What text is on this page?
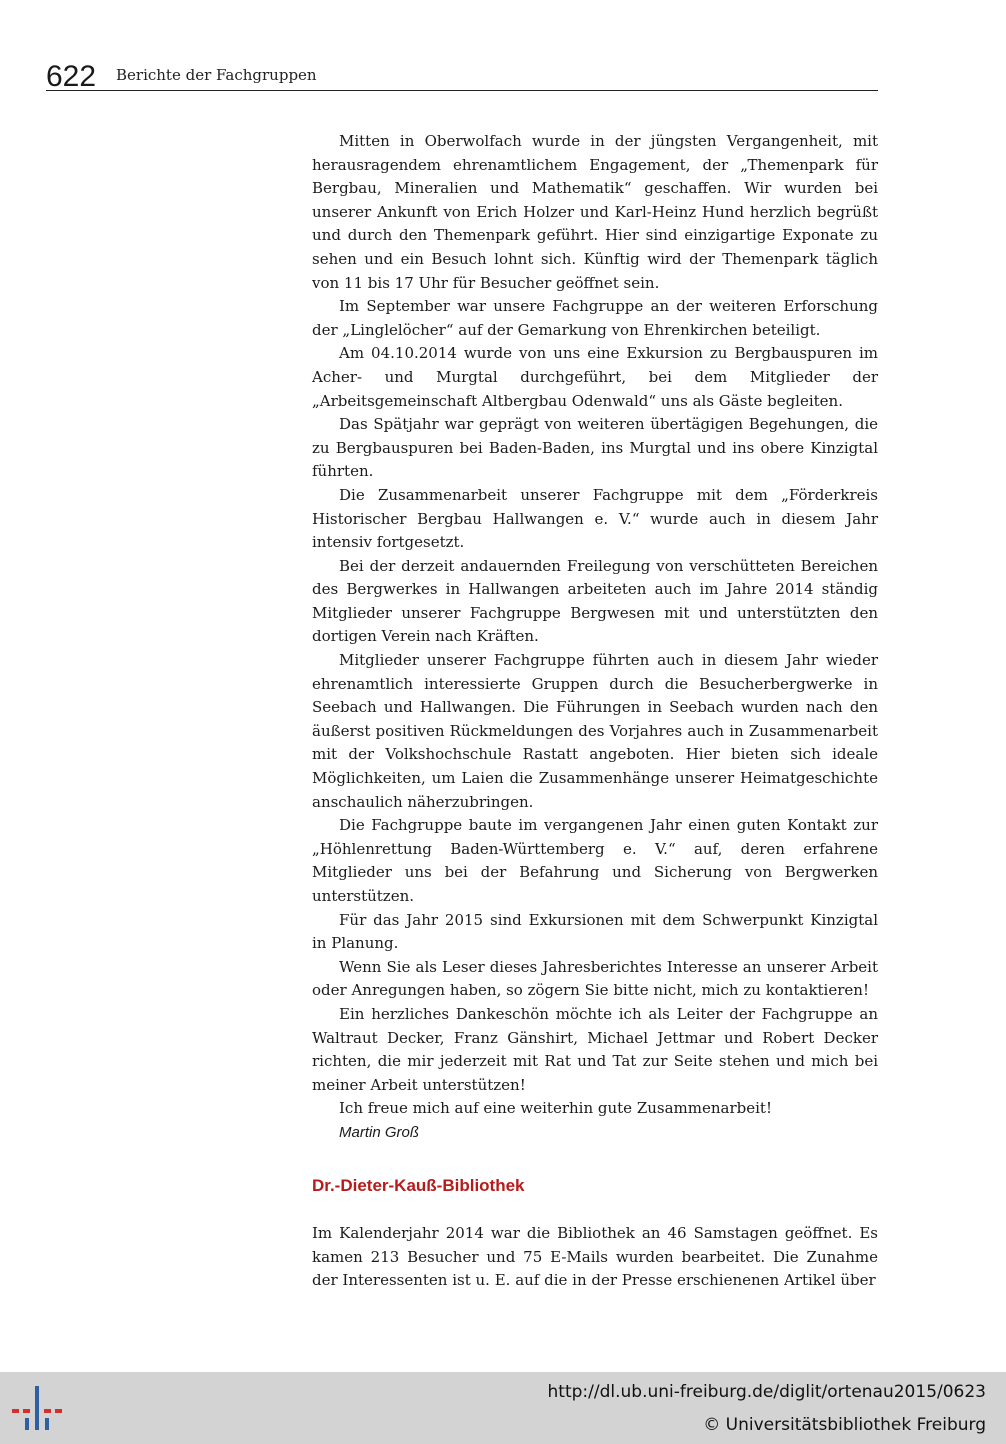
622 Berichte der Fachgruppen

Mitten in Oberwolfach wurde in der jüngsten Vergangenheit, mit herausragendem ehrenamtlichem Engagement, der „Themenpark für Bergbau, Mineralien und Mathematik“ geschaffen. Wir wurden bei unserer Ankunft von Erich Holzer und Karl-Heinz Hund herzlich begrüßt und durch den Themenpark geführt. Hier sind einzigartige Exponate zu sehen und ein Besuch lohnt sich. Künftig wird der Themenpark täglich von 11 bis 17 Uhr für Besucher geöffnet sein.

Im September war unsere Fachgruppe an der weiteren Erforschung der „Linglelöcher“ auf der Gemarkung von Ehrenkirchen beteiligt.

Am 04.10.2014 wurde von uns eine Exkursion zu Bergbauspuren im Acher- und Murgtal durchgeführt, bei dem Mitglieder der „Arbeitsgemeinschaft Altbergbau Odenwald“ uns als Gäste begleiten.

Das Spätjahr war geprägt von weiteren übertägigen Begehungen, die zu Bergbauspuren bei Baden-Baden, ins Murgtal und ins obere Kinzigtal führten.

Die Zusammenarbeit unserer Fachgruppe mit dem „Förderkreis Historischer Bergbau Hallwangen e. V.“ wurde auch in diesem Jahr intensiv fortgesetzt.

Bei der derzeit andauernden Freilegung von verschütteten Bereichen des Bergwerkes in Hallwangen arbeiteten auch im Jahre 2014 ständig Mitglieder unserer Fachgruppe Bergwesen mit und unterstützten den dortigen Verein nach Kräften.

Mitglieder unserer Fachgruppe führten auch in diesem Jahr wieder ehrenamtlich interessierte Gruppen durch die Besucherbergwerke in Seebach und Hallwangen. Die Führungen in Seebach wurden nach den äußerst positiven Rückmeldungen des Vorjahres auch in Zusammenarbeit mit der Volkshochschule Rastatt angeboten. Hier bieten sich ideale Möglichkeiten, um Laien die Zusammenhänge unserer Heimatgeschichte anschaulich näherzubringen.

Die Fachgruppe baute im vergangenen Jahr einen guten Kontakt zur „Höhlenrettung Baden-Württemberg e. V.“ auf, deren erfahrene Mitglieder uns bei der Befahrung und Sicherung von Bergwerken unterstützen.

Für das Jahr 2015 sind Exkursionen mit dem Schwerpunkt Kinzigtal in Planung.

Wenn Sie als Leser dieses Jahresberichtes Interesse an unserer Arbeit oder Anregungen haben, so zögern Sie bitte nicht, mich zu kontaktieren!

Ein herzliches Dankeschön möchte ich als Leiter der Fachgruppe an Waltraut Decker, Franz Gänshirt, Michael Jettmar und Robert Decker richten, die mir jederzeit mit Rat und Tat zur Seite stehen und mich bei meiner Arbeit unterstützen!

Ich freue mich auf eine weiterhin gute Zusammenarbeit!

Martin Groß

Dr.-Dieter-Kauß-Bibliothek

Im Kalenderjahr 2014 war die Bibliothek an 46 Samstagen geöffnet. Es kamen 213 Besucher und 75 E-Mails wurden bearbeitet. Die Zunahme der Interessenten ist u. E. auf die in der Presse erschienenen Artikel über

http://dl.ub.uni-freiburg.de/diglit/ortenau2015/0623
© Universitätsbibliothek Freiburg
